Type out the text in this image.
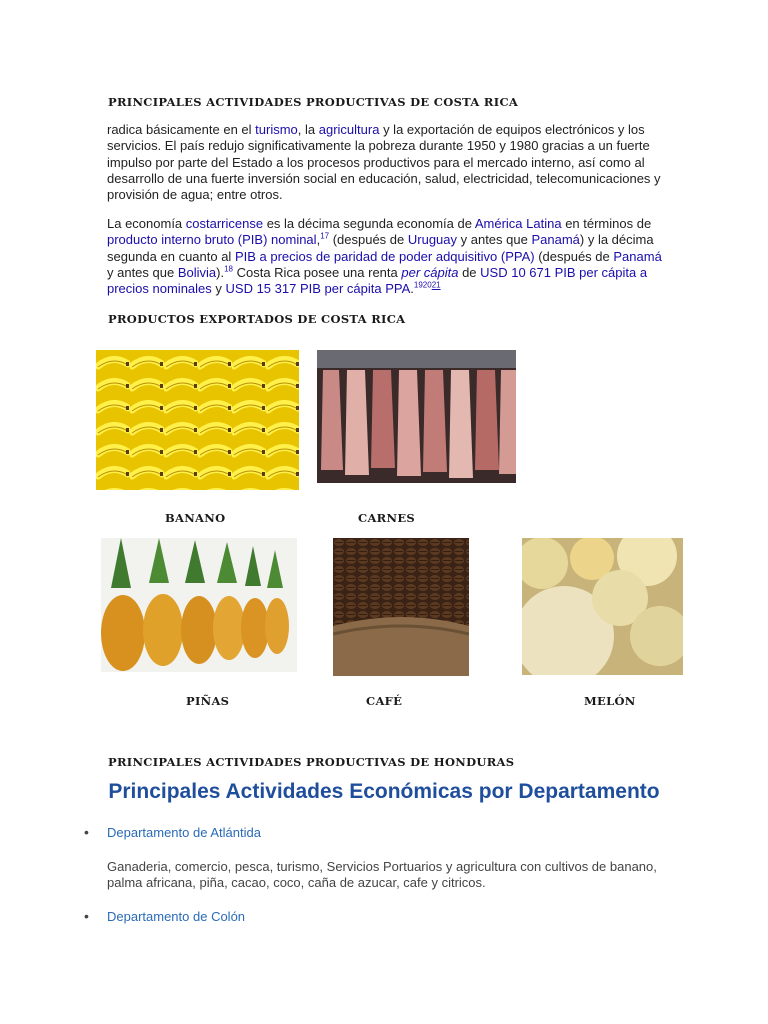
PRINCIPALES ACTIVIDADES PRODUCTIVAS DE COSTA RICA

radica básicamente en el turismo, la agricultura y la exportación de equipos electrónicos y los servicios. El país redujo significativamente la pobreza durante 1950 y 1980 gracias a un fuerte impulso por parte del Estado a los procesos productivos para el mercado interno, así como al desarrollo de una fuerte inversión social en educación, salud, electricidad, telecomunicaciones y provisión de agua; entre otros.

La economía costarricense es la décima segunda economía de América Latina en términos de producto interno bruto (PIB) nominal,$^{17}$ (después de Uruguay y antes que Panamá) y la décima segunda en cuanto al PIB a precios de paridad de poder adquisitivo (PPA) (después de Panamá y antes que Bolivia).$^{18}$ Costa Rica posee una renta per cápita de USD 10 671 PIB per cápita a precios nominales y USD 15 317 PIB per cápita PPA.$^{192021}$

PRODUCTOS EXPORTADOS DE COSTA RICA
BANANO	CARNES
PIÑAS	CAFÉ	MELÓN
PRINCIPALES ACTIVIDADES PRODUCTIVAS DE HONDURAS
Principales Actividades Económicas por Departamento
• Departamento de Atlántida

Ganaderia, comercio, pesca, turismo, Servicios Portuarios y agricultura con cultivos de banano, palma africana, piña, cacao, coco, caña de azucar, cafe y citricos.

• Departamento de Colón
